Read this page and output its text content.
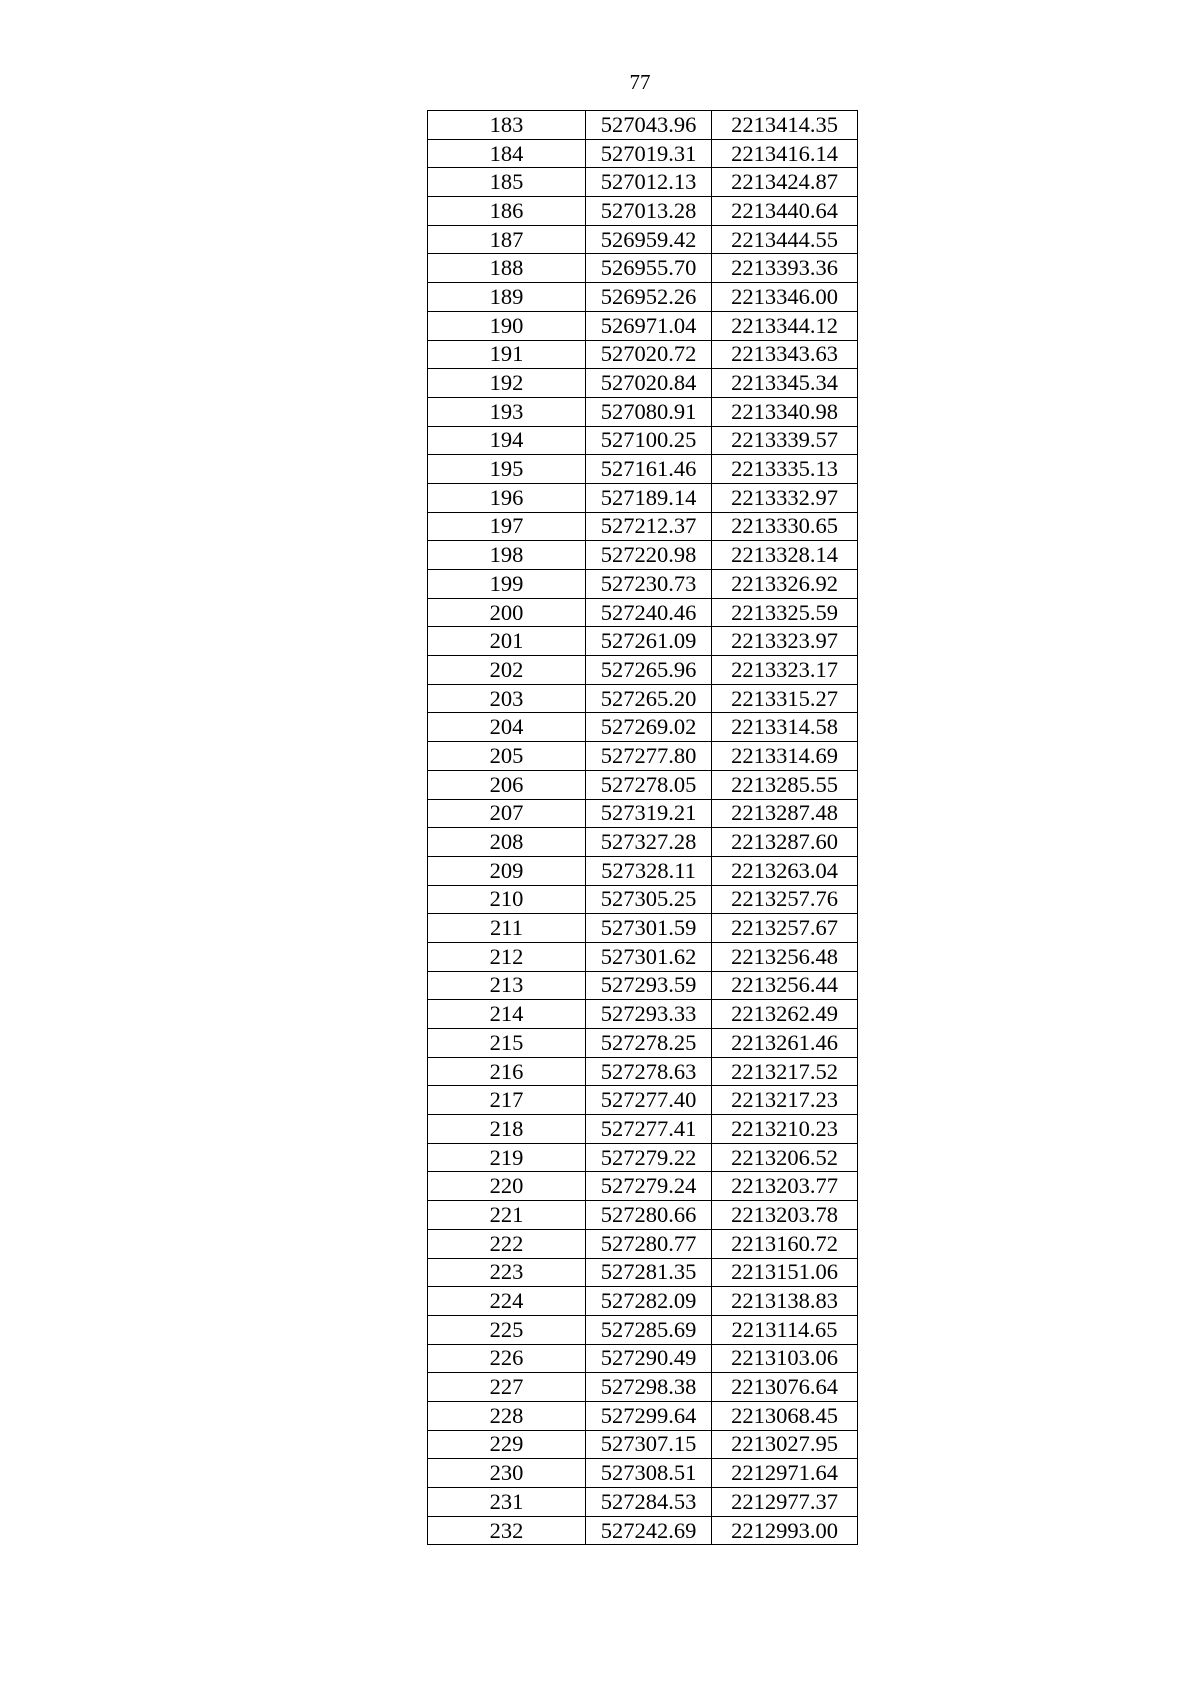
77
183	527043.96	2213414.35
184	527019.31	2213416.14
185	527012.13	2213424.87
186	527013.28	2213440.64
187	526959.42	2213444.55
188	526955.70	2213393.36
189	526952.26	2213346.00
190	526971.04	2213344.12
191	527020.72	2213343.63
192	527020.84	2213345.34
193	527080.91	2213340.98
194	527100.25	2213339.57
195	527161.46	2213335.13
196	527189.14	2213332.97
197	527212.37	2213330.65
198	527220.98	2213328.14
199	527230.73	2213326.92
200	527240.46	2213325.59
201	527261.09	2213323.97
202	527265.96	2213323.17
203	527265.20	2213315.27
204	527269.02	2213314.58
205	527277.80	2213314.69
206	527278.05	2213285.55
207	527319.21	2213287.48
208	527327.28	2213287.60
209	527328.11	2213263.04
210	527305.25	2213257.76
211	527301.59	2213257.67
212	527301.62	2213256.48
213	527293.59	2213256.44
214	527293.33	2213262.49
215	527278.25	2213261.46
216	527278.63	2213217.52
217	527277.40	2213217.23
218	527277.41	2213210.23
219	527279.22	2213206.52
220	527279.24	2213203.77
221	527280.66	2213203.78
222	527280.77	2213160.72
223	527281.35	2213151.06
224	527282.09	2213138.83
225	527285.69	2213114.65
226	527290.49	2213103.06
227	527298.38	2213076.64
228	527299.64	2213068.45
229	527307.15	2213027.95
230	527308.51	2212971.64
231	527284.53	2212977.37
232	527242.69	2212993.00
